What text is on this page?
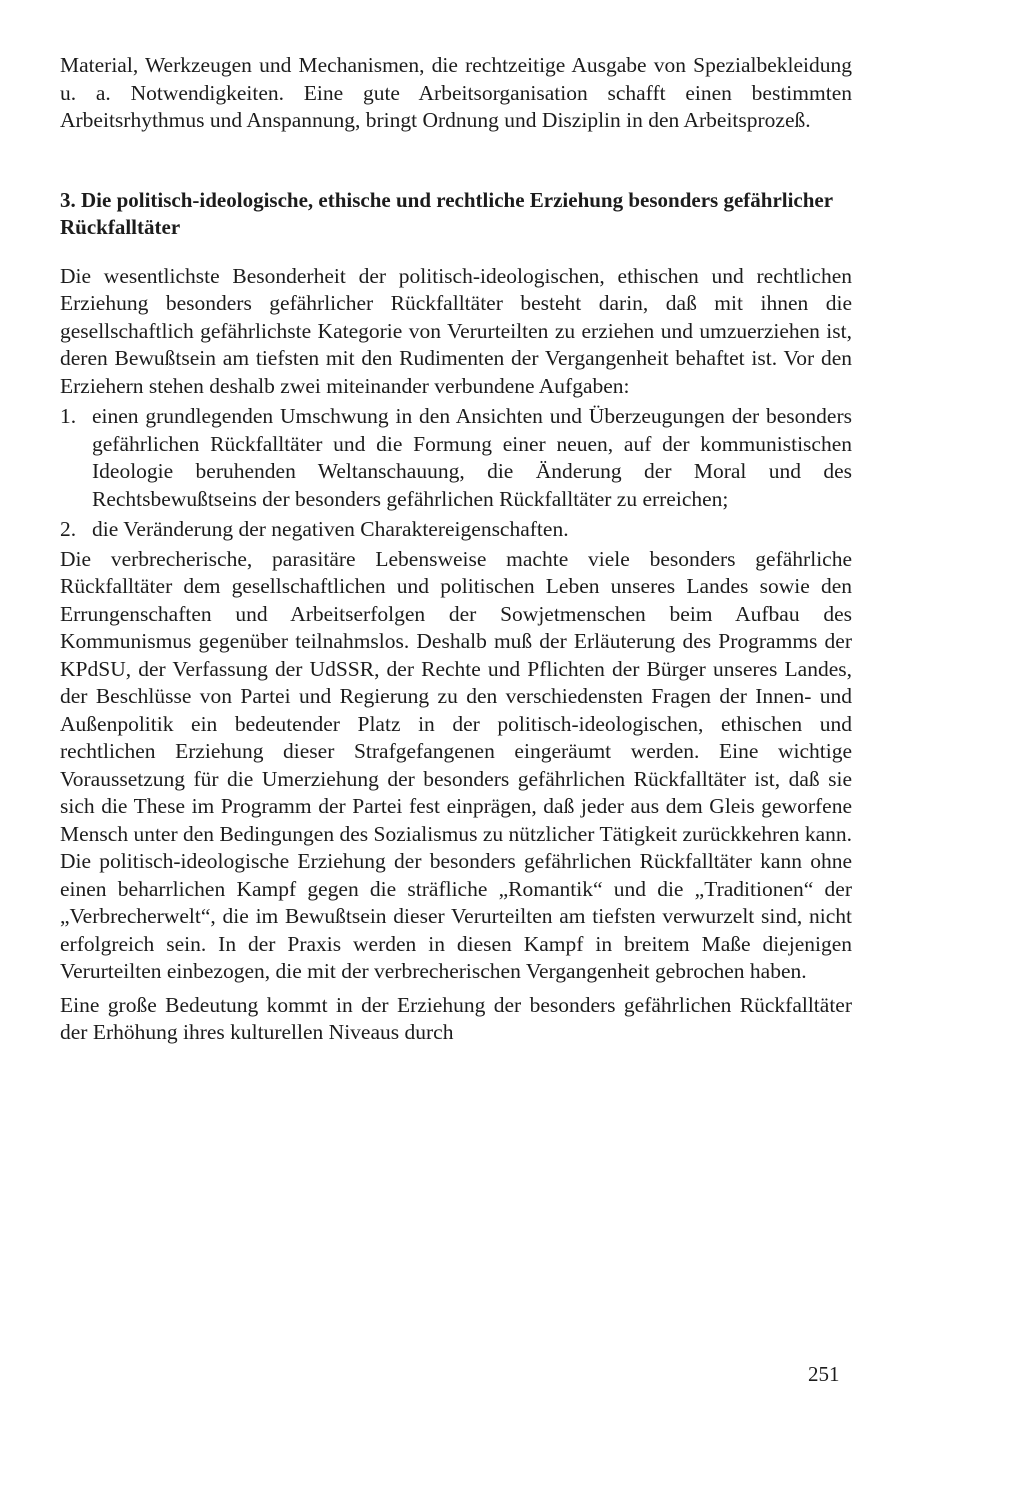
Material, Werkzeugen und Mechanismen, die rechtzeitige Ausgabe von Spezialbekleidung u. a. Notwendigkeiten. Eine gute Arbeitsorganisation schafft einen bestimmten Arbeitsrhythmus und Anspannung, bringt Ordnung und Disziplin in den Arbeitsprozeß.

3. Die politisch-ideologische, ethische und rechtliche Erziehung besonders gefährlicher Rückfalltäter

Die wesentlichste Besonderheit der politisch-ideologischen, ethischen und rechtlichen Erziehung besonders gefährlicher Rückfalltäter besteht darin, daß mit ihnen die gesellschaftlich gefährlichste Kategorie von Verurteilten zu erziehen und umzuerziehen ist, deren Bewußtsein am tiefsten mit den Rudimenten der Vergangenheit behaftet ist. Vor den Erziehern stehen deshalb zwei miteinander verbundene Aufgaben:

1. einen grundlegenden Umschwung in den Ansichten und Überzeugungen der besonders gefährlichen Rückfalltäter und die Formung einer neuen, auf der kommunistischen Ideologie beruhenden Weltanschauung, die Änderung der Moral und des Rechtsbewußtseins der besonders gefährlichen Rückfalltäter zu erreichen;
2. die Veränderung der negativen Charaktereigenschaften.

Die verbrecherische, parasitäre Lebensweise machte viele besonders gefährliche Rückfalltäter dem gesellschaftlichen und politischen Leben unseres Landes sowie den Errungenschaften und Arbeitserfolgen der Sowjetmenschen beim Aufbau des Kommunismus gegenüber teilnahmslos. Deshalb muß der Erläuterung des Programms der KPdSU, der Verfassung der UdSSR, der Rechte und Pflichten der Bürger unseres Landes, der Beschlüsse von Partei und Regierung zu den verschiedensten Fragen der Innen- und Außenpolitik ein bedeutender Platz in der politisch-ideologischen, ethischen und rechtlichen Erziehung dieser Strafgefangenen eingeräumt werden. Eine wichtige Voraussetzung für die Umerziehung der besonders gefährlichen Rückfalltäter ist, daß sie sich die These im Programm der Partei fest einprägen, daß jeder aus dem Gleis geworfene Mensch unter den Bedingungen des Sozialismus zu nützlicher Tätigkeit zurückkehren kann. Die politisch-ideologische Erziehung der besonders gefährlichen Rückfalltäter kann ohne einen beharrlichen Kampf gegen die sträfliche „Romantik“ und die „Traditionen“ der „Verbrecherwelt“, die im Bewußtsein dieser Verurteilten am tiefsten verwurzelt sind, nicht erfolgreich sein. In der Praxis werden in diesen Kampf in breitem Maße diejenigen Verurteilten einbezogen, die mit der verbrecherischen Vergangenheit gebrochen haben.

Eine große Bedeutung kommt in der Erziehung der besonders gefährlichen Rückfalltäter der Erhöhung ihres kulturellen Niveaus durch

251
